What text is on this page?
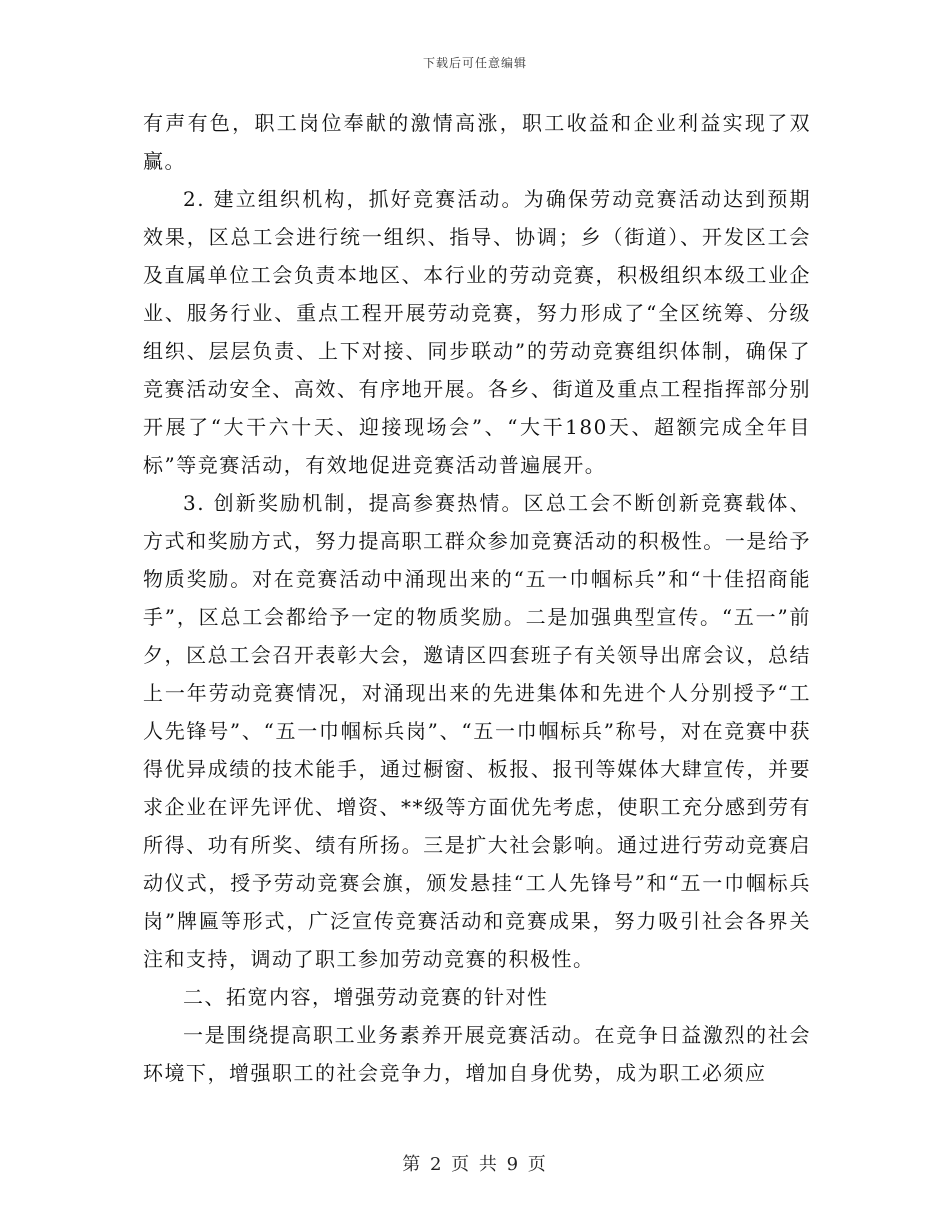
下载后可任意编辑

有声有色，职工岗位奉献的激情高涨，职工收益和企业利益实现了双赢。

2. 建立组织机构，抓好竞赛活动。为确保劳动竞赛活动达到预期效果，区总工会进行统一组织、指导、协调；乡（街道）、开发区工会及直属单位工会负责本地区、本行业的劳动竞赛，积极组织本级工业企业、服务行业、重点工程开展劳动竞赛，努力形成了“全区统筹、分级组织、层层负责、上下对接、同步联动”的劳动竞赛组织体制，确保了竞赛活动安全、高效、有序地开展。各乡、街道及重点工程指挥部分别开展了“大干六十天、迎接现场会”、“大干180天、超额完成全年目标”等竞赛活动，有效地促进竞赛活动普遍展开。

3. 创新奖励机制，提高参赛热情。区总工会不断创新竞赛载体、方式和奖励方式，努力提高职工群众参加竞赛活动的积极性。一是给予物质奖励。对在竞赛活动中涌现出来的“五一巾帼标兵”和“十佳招商能手”，区总工会都给予一定的物质奖励。二是加强典型宣传。“五一”前夕，区总工会召开表彰大会，邀请区四套班子有关领导出席会议，总结上一年劳动竞赛情况，对涌现出来的先进集体和先进个人分别授予“工人先锋号”、“五一巾帼标兵岗”、“五一巾帼标兵”称号，对在竞赛中获得优异成绩的技术能手，通过橱窗、板报、报刊等媒体大肆宣传，并要求企业在评先评优、增资、**级等方面优先考虑，使职工充分感到劳有所得、功有所奖、绩有所扬。三是扩大社会影响。通过进行劳动竞赛启动仪式，授予劳动竞赛会旗，颁发悬挂“工人先锋号”和“五一巾帼标兵岗”牌匾等形式，广泛宣传竞赛活动和竞赛成果，努力吸引社会各界关注和支持，调动了职工参加劳动竞赛的积极性。

二、拓宽内容，增强劳动竞赛的针对性

一是围绕提高职工业务素养开展竞赛活动。在竞争日益激烈的社会环境下，增强职工的社会竞争力，增加自身优势，成为职工必须应

第 2 页 共 9 页
